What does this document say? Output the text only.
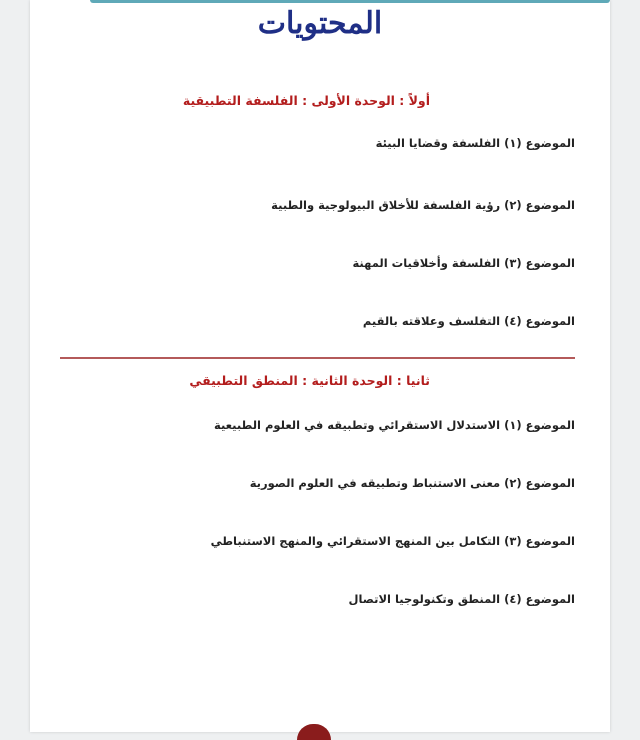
المحتويات
أولاً : الوحدة الأولى : الفلسفة التطبيقية
الموضوع (١) الفلسفة وقضايا البيئة
الموضوع (٢) رؤية الفلسفة للأخلاق البيولوجية والطبية
الموضوع (٣) الفلسفة وأخلاقيات المهنة
الموضوع (٤) التفلسف وعلاقته بالقيم
ثانيا : الوحدة الثانية : المنطق التطبيقي
الموضوع (١) الاستدلال الاستقرائي وتطبيقه في العلوم الطبيعية
الموضوع (٢) معنى الاستنباط وتطبيقه في العلوم الصورية
الموضوع (٣) التكامل بين المنهج الاستقرائي والمنهج الاستنباطي
الموضوع (٤) المنطق وتكنولوجيا الاتصال
